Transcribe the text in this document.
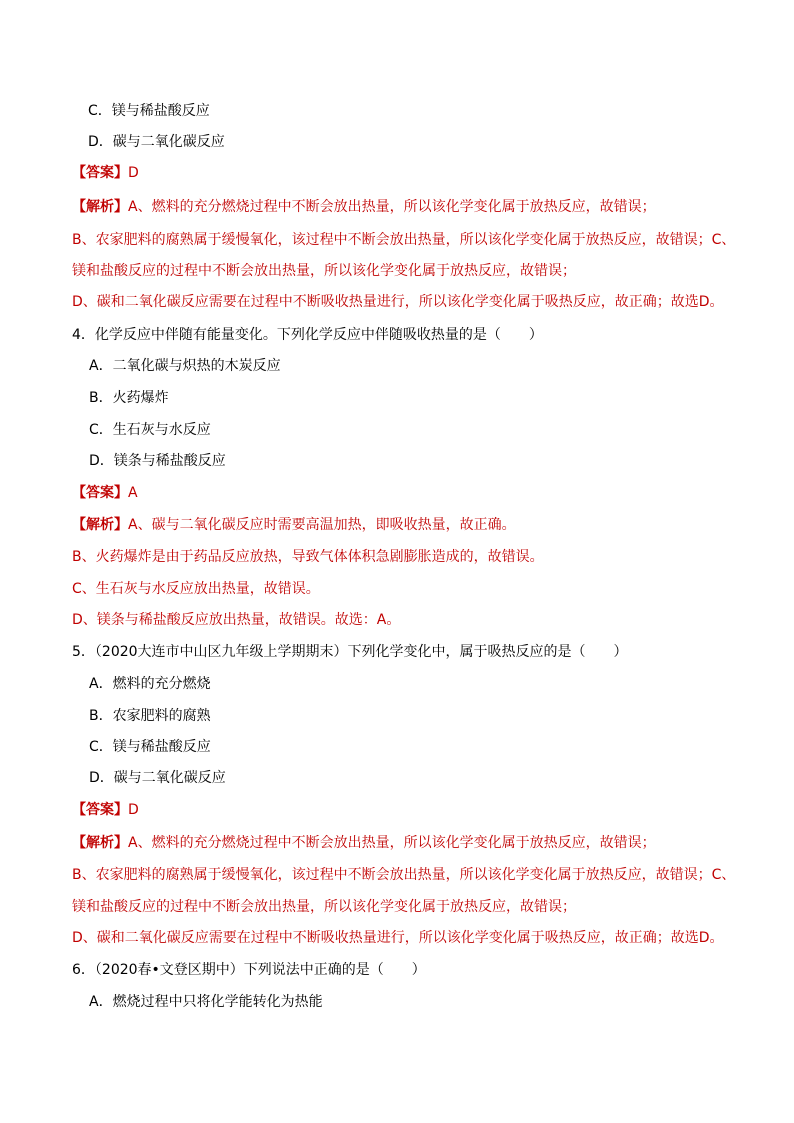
C．镁与稀盐酸反应
D．碳与二氧化碳反应
【答案】D
【解析】A、燃料的充分燃烧过程中不断会放出热量，所以该化学变化属于放热反应，故错误；
B、农家肥料的腐熟属于缓慢氧化，该过程中不断会放出热量，所以该化学变化属于放热反应，故错误；C、
镁和盐酸反应的过程中不断会放出热量，所以该化学变化属于放热反应，故错误；
D、碳和二氧化碳反应需要在过程中不断吸收热量进行，所以该化学变化属于吸热反应，故正确；故选D。
4．化学反应中伴随有能量变化。下列化学反应中伴随吸收热量的是（　　）
A．二氧化碳与炽热的木炭反应
B．火药爆炸
C．生石灰与水反应
D．镁条与稀盐酸反应
【答案】A
【解析】A、碳与二氧化碳反应时需要高温加热，即吸收热量，故正确。
B、火药爆炸是由于药品反应放热，导致气体体积急剧膨胀造成的，故错误。
C、生石灰与水反应放出热量，故错误。
D、镁条与稀盐酸反应放出热量，故错误。故选：A。
5．（2020大连市中山区九年级上学期期末）下列化学变化中，属于吸热反应的是（　　）
A．燃料的充分燃烧
B．农家肥料的腐熟
C．镁与稀盐酸反应
D．碳与二氧化碳反应
【答案】D
【解析】A、燃料的充分燃烧过程中不断会放出热量，所以该化学变化属于放热反应，故错误；
B、农家肥料的腐熟属于缓慢氧化，该过程中不断会放出热量，所以该化学变化属于放热反应，故错误；C、
镁和盐酸反应的过程中不断会放出热量，所以该化学变化属于放热反应，故错误；
D、碳和二氧化碳反应需要在过程中不断吸收热量进行，所以该化学变化属于吸热反应，故正确；故选D。
6．（2020春•文登区期中）下列说法中正确的是（　　）
A．燃烧过程中只将化学能转化为热能
